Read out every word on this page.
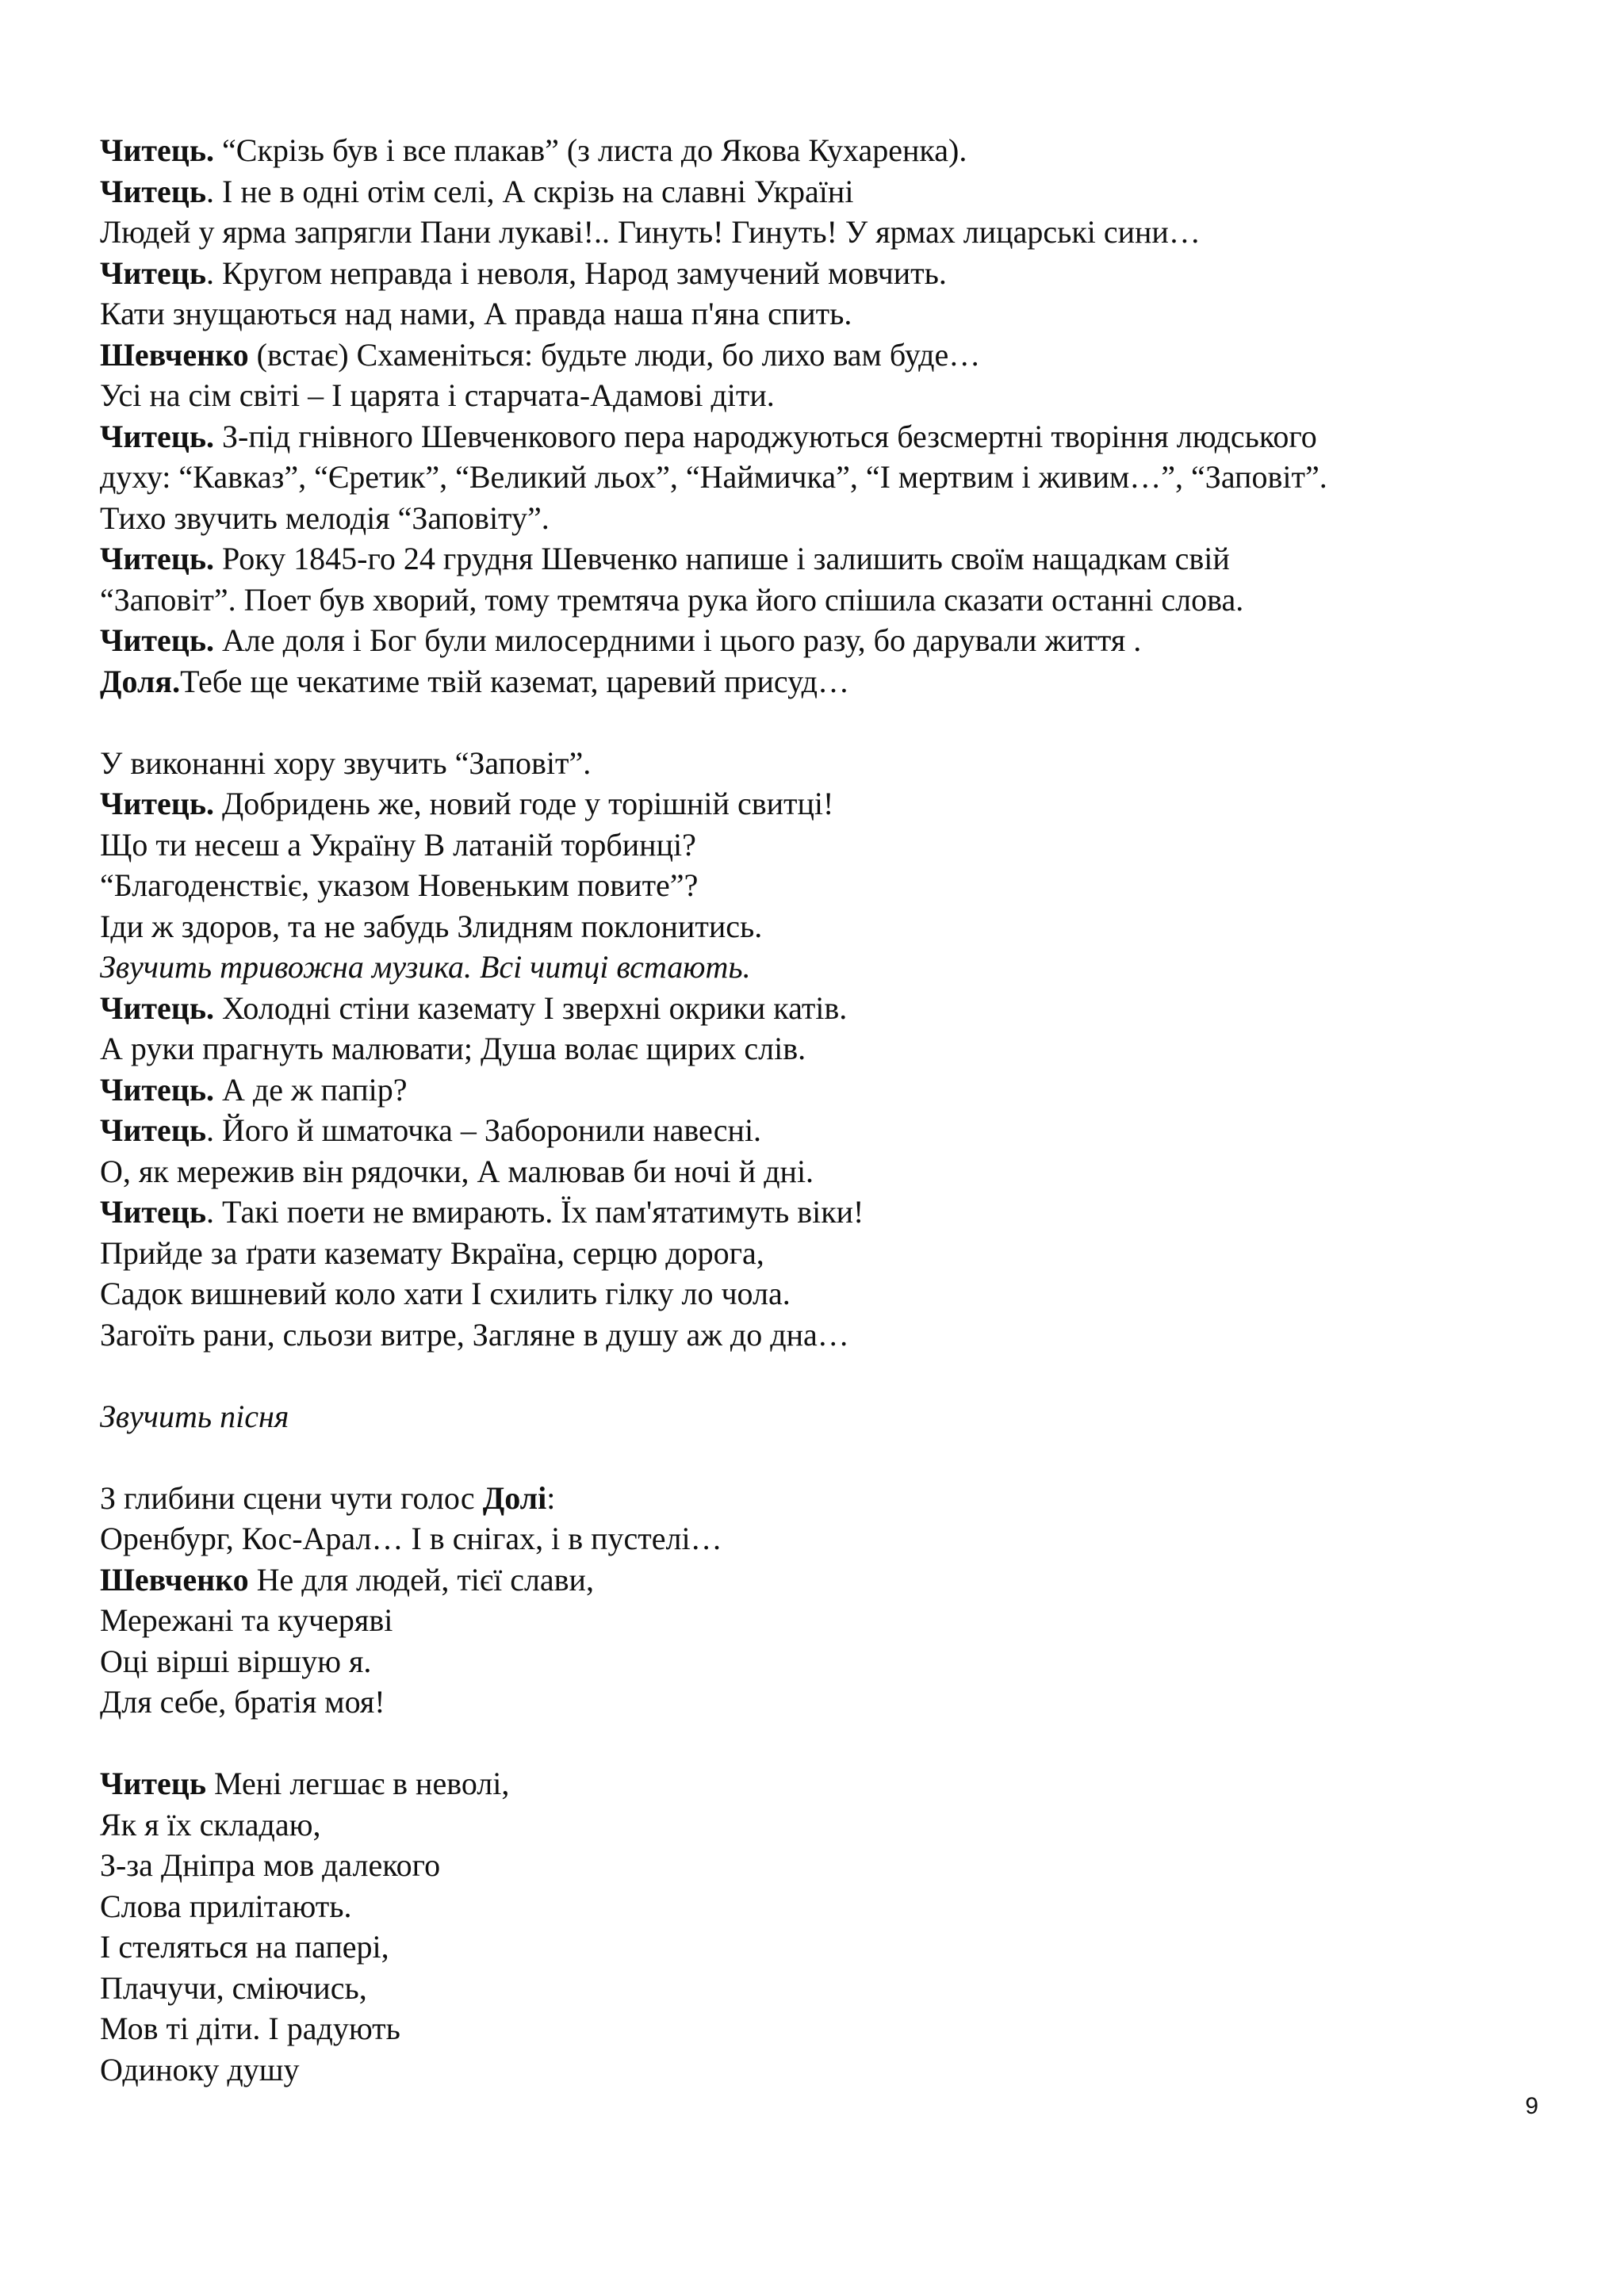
Читець. “Скрізь був і все плакав” (з листа до Якова Кухаренка).
Читець. І не в одні отім селі, А скрізь на славні Україні
Людей у ярма запрягли Пани лукаві!.. Гинуть! Гинуть! У ярмах лицарські сини…
Читець. Кругом неправда і неволя, Народ замучений мовчить.
Кати знущаються над нами, А правда наша п'яна спить.
Шевченко (встає) Схаменіться: будьте люди, бо лихо вам буде…
Усі на сім світі – І царята і старчата-Адамові діти.
Читець. З-під гнівного Шевченкового пера народжуються безсмертні творіння людського
духу: “Кавказ”, “Єретик”, “Великий льох”, “Наймичка”, “І мертвим і живим…”, “Заповіт”.
Тихо звучить мелодія “Заповіту”.
Читець. Року 1845-го 24 грудня Шевченко напише і залишить своїм нащадкам свій
“Заповіт”. Поет був хворий, тому тремтяча рука його спішила сказати останні слова.
Читець. Але доля і Бог були милосердними і цього разу, бо дарували життя .
Доля.Тебе ще чекатиме твій каземат, царевий присуд…
У виконанні хору звучить “Заповіт”.
Читець. Добридень же, новий годе у торішній свитці!
Що ти несеш а Україну В латаній торбинці?
“Благоденствіє, указом Новеньким повите”?
Іди ж здоров, та не забудь Злидням поклонитись.
Звучить тривожна музика. Всі читці встають.
Читець. Холодні стіни каземату І зверхні окрики катів.
А руки прагнуть малювати; Душа волає щирих слів.
Читець. А де ж папір?
Читець. Його й шматочка – Заборонили навесні.
О, як мережив він рядочки, А малював би ночі й дні.
Читець. Такі поети не вмирають. Їх пам'ятатимуть віки!
Прийде за ґрати каземату Вкраїна, серцю дорога,
Садок вишневий коло хати І схилить гілку ло чола.
Загоїть рани, сльози витре, Загляне в душу аж до дна…
Звучить пісня
З глибини сцени чути голос Долі:
Оренбург, Кос-Арал… І в снігах, і в пустелі…
Шевченко Не для людей, тієї слави,
Мережані та кучеряві
Оці вірші віршую я.
Для себе, братія моя!
Читець Мені легшає в неволі,
Як я їх складаю,
З-за Дніпра мов далекого
Слова прилітають.
І стеляться на папері,
Плачучи, сміючись,
Мов ті діти. І радують
Одиноку душу
9
